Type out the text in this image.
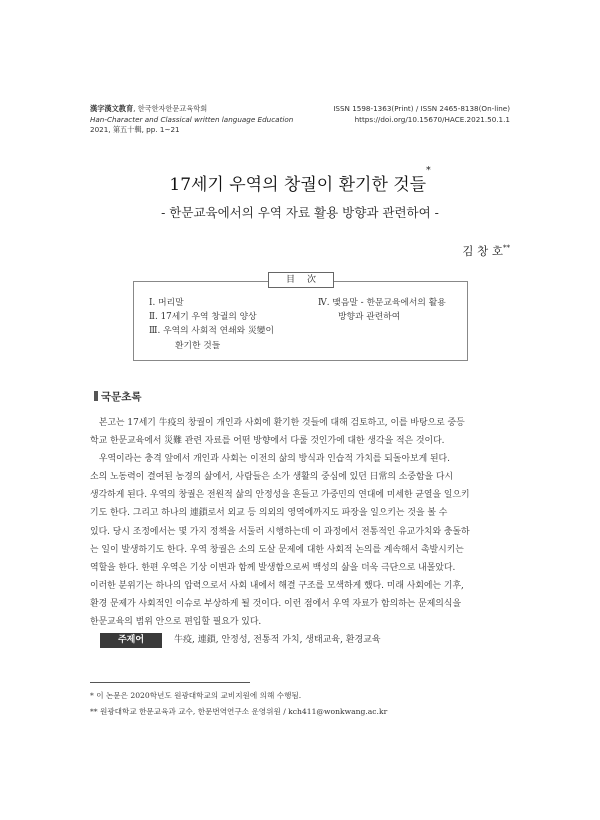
漢字漢文教育, 한국한자한문교육학회
Han-Character and Classical written language Education
2021, 第五十輯, pp. 1~21
ISSN 1598-1363(Print) / ISSN 2465-8138(On-line)
https://doi.org/10.15670/HACE.2021.50.1.1
17세기 우역의 창궐이 환기한 것들*
- 한문교육에서의 우역 자료 활용 방향과 관련하여 -
김 창 호**
目次
Ⅰ. 머리말
Ⅱ. 17세기 우역 창궐의 양상
Ⅲ. 우역의 사회적 연쇄와 災變이
환기한 것들
Ⅳ. 맺음말 - 한문교육에서의 활용
방향과 관련하여
국문초록
본고는 17세기 牛疫의 창궐이 개인과 사회에 환기한 것들에 대해 검토하고, 이를 바탕으로 중등
학교 한문교육에서 災難 관련 자료를 어떤 방향에서 다룰 것인가에 대한 생각을 적은 것이다.
우역이라는 충격 앞에서 개인과 사회는 이전의 삶의 방식과 인습적 가치를 되돌아보게 된다.
소의 노동력이 결여된 농경의 삶에서, 사람들은 소가 생활의 중심에 있던 日常의 소중함을 다시
생각하게 된다. 우역의 창궐은 전원적 삶의 안정성을 흔들고 가중민의 연대에 미세한 균열을 일으키
기도 한다. 그리고 하나의 連鎖로서 외교 등 의외의 영역에까지도 파장을 일으키는 것을 볼 수
있다. 당시 조정에서는 몇 가지 정책을 서둘러 시행하는데 이 과정에서 전통적인 유교가치와 충돌하
는 일이 발생하기도 한다. 우역 창궐은 소의 도살 문제에 대한 사회적 논의를 계속해서 촉발시키는
역할을 한다. 한편 우역은 기상 이변과 함께 발생함으로써 백성의 삶을 더욱 극단으로 내몰았다.
이러한 분위기는 하나의 압력으로서 사회 내에서 해결 구조를 모색하게 했다. 미래 사회에는 기후,
환경 문제가 사회적인 이슈로 부상하게 될 것이다. 이런 점에서 우역 자료가 함의하는 문제의식을
한문교육의 범위 안으로 편입할 필요가 있다.
주제어	牛疫, 連鎖, 안정성, 전통적 가치, 생태교육, 환경교육
* 이 논문은 2020학년도 원광대학교의 교비지원에 의해 수행됨.
** 원광대학교 한문교육과 교수, 한문번역연구소 운영위원 / kch411@wonkwang.ac.kr
